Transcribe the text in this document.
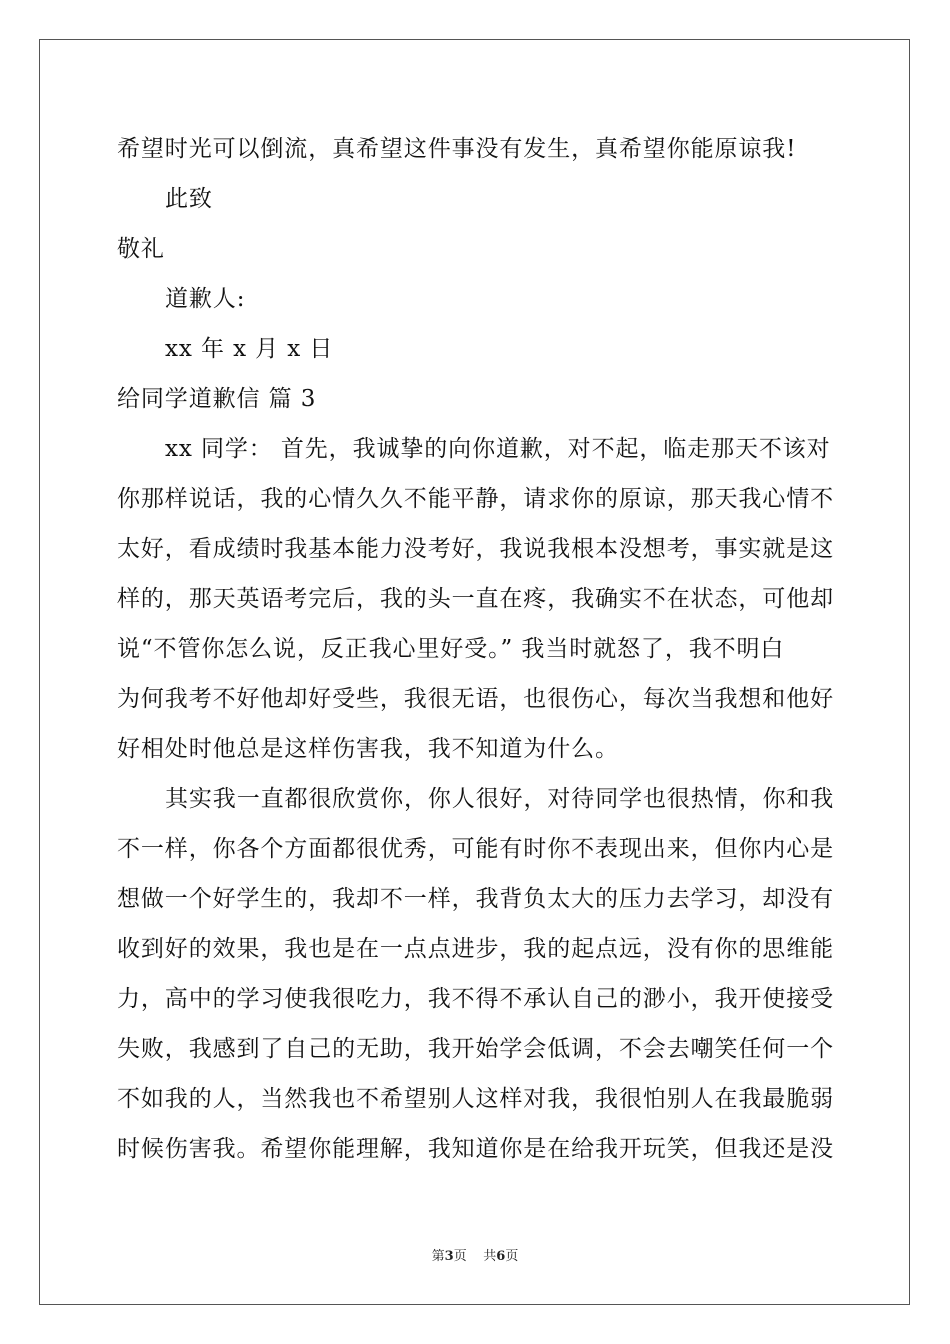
希望时光可以倒流，真希望这件事没有发生，真希望你能原谅我!
此致
敬礼
道歉人:
xx 年 x 月 x 日
给同学道歉信 篇 3
xx 同学： 首先，我诚挚的向你道歉，对不起，临走那天不该对
你那样说话，我的心情久久不能平静，请求你的原谅，那天我心情不
太好，看成绩时我基本能力没考好，我说我根本没想考，事实就是这
样的，那天英语考完后，我的头一直在疼，我确实不在状态，可他却
说“不管你怎么说，反正我心里好受。” 我当时就怒了，我不明白
为何我考不好他却好受些，我很无语，也很伤心，每次当我想和他好
好相处时他总是这样伤害我，我不知道为什么。
其实我一直都很欣赏你，你人很好，对待同学也很热情，你和我
不一样，你各个方面都很优秀，可能有时你不表现出来，但你内心是
想做一个好学生的，我却不一样，我背负太大的压力去学习，却没有
收到好的效果，我也是在一点点进步，我的起点远，没有你的思维能
力，高中的学习使我很吃力，我不得不承认自己的渺小，我开使接受
失败，我感到了自己的无助，我开始学会低调，不会去嘲笑任何一个
不如我的人，当然我也不希望别人这样对我，我很怕别人在我最脆弱
时候伤害我。希望你能理解，我知道你是在给我开玩笑，但我还是没
第3页 共6页
